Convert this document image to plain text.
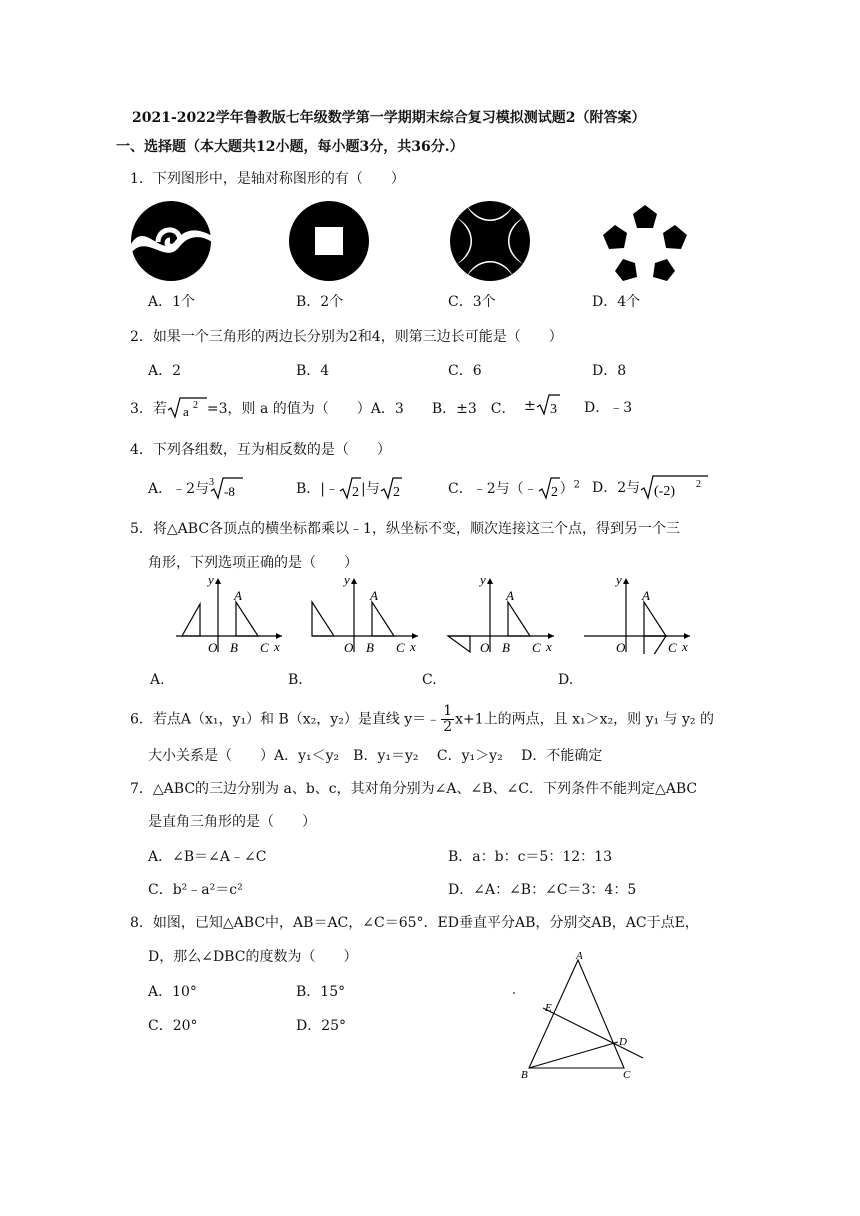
2021-2022学年鲁教版七年级数学第一学期期末综合复习模拟测试题2（附答案）
一、选择题（本大题共12小题，每小题3分，共36分.）
1．下列图形中，是轴对称图形的有（　　）
A．1个	B．2个	C．3个	D．4个
2．如果一个三角形的两边长分别为2和4，则第三边长可能是（　　）
A．2	B．4	C．6	D．8
3．若 a 2 =3，则 a 的值为（　　）A．3　　B．±3　C． ± 3 D．﹣3
4．下列各组数，互为相反数的是（　　）
A．﹣2与 3
-8	B．|﹣ 2 |与 2	C．﹣2与（﹣ 2 ）$^2$ D．2与 (-2) 2
5．将△ABC各顶点的横坐标都乘以﹣1，纵坐标不变，顺次连接这三个点，得到另一个三
角形，下列选项正确的是（　　）
y
x
O
A
B C
y
x
O
A
B C
y
x
O
A
B C
y
x
O
A
C
A.	B.	C.	D.
6．若点A（x₁，y₁）和 B（x₂，y₂）是直线 y＝﹣ $\frac{1}{2} x+1$上的两点，且 x₁＞x₂，则 y₁ 与 y₂ 的
大小关系是（　　）A．y₁＜y₂　B．y₁＝y₂　 C．y₁＞y₂　 D．不能确定
7．△ABC的三边分别为 a、b、c，其对角分别为∠A、∠B、∠C．下列条件不能判定△ABC
是直角三角形的是（　　）
A．∠B＝∠A﹣∠C	B．a：b：c＝5：12：13
C．b²﹣a²＝c²	D．∠A：∠B：∠C＝3：4：5
8．如图，已知△ABC中，AB＝AC，∠C＝65°．ED垂直平分AB，分别交AB，AC于点E，
D，那么∠DBC的度数为（　　）
A．10°	B．15°
C．20°	D．25°
A
E
D
B	C
